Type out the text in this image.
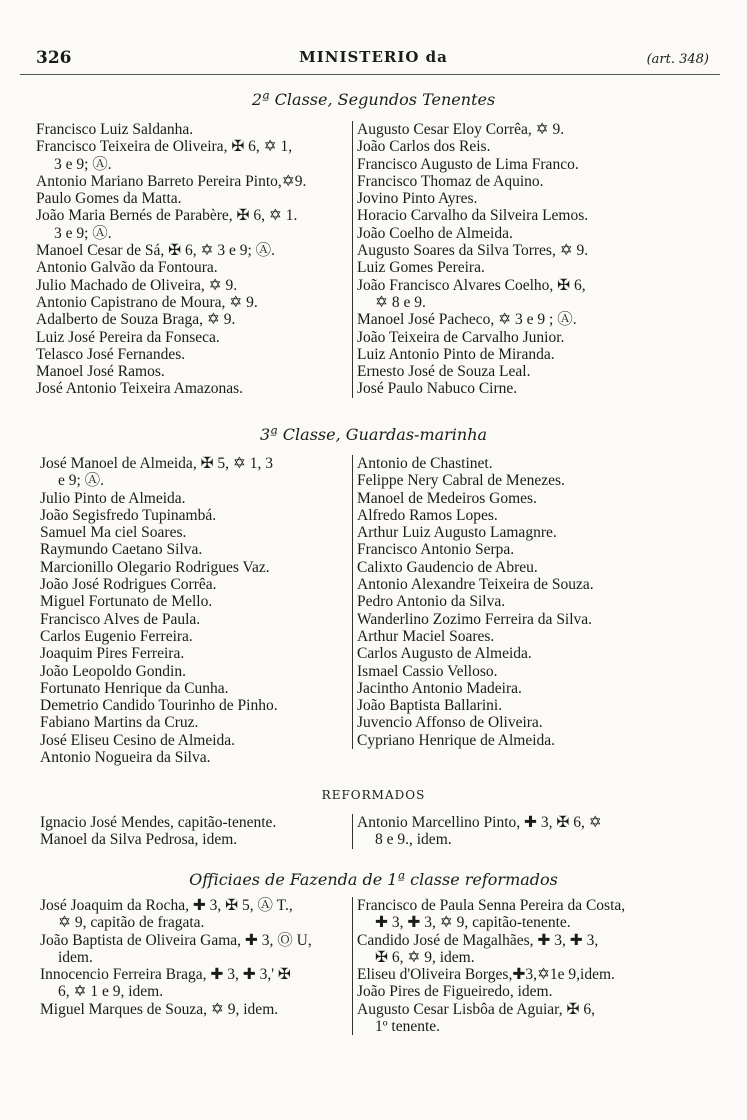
326	MINISTERIO da	(art. 348)
2ª Classe, Segundos Tenentes
Francisco Luiz Saldanha.
Francisco Teixeira de Oliveira, ✠ 6, ✡ 1,
3 e 9; Ⓐ.
Antonio Mariano Barreto Pereira Pinto,✡9.
Paulo Gomes da Matta.
João Maria Bernés de Parabère, ✠ 6, ✡ 1.
3 e 9; Ⓐ.
Manoel Cesar de Sá, ✠ 6, ✡ 3 e 9; Ⓐ.
Antonio Galvão da Fontoura.
Julio Machado de Oliveira, ✡ 9.
Antonio Capistrano de Moura, ✡ 9.
Adalberto de Souza Braga, ✡ 9.
Luiz José Pereira da Fonseca.
Telasco José Fernandes.
Manoel José Ramos.
José Antonio Teixeira Amazonas.
Augusto Cesar Eloy Corrêa, ✡ 9.
João Carlos dos Reis.
Francisco Augusto de Lima Franco.
Francisco Thomaz de Aquino.
Jovino Pinto Ayres.
Horacio Carvalho da Silveira Lemos.
João Coelho de Almeida.
Augusto Soares da Silva Torres, ✡ 9.
Luiz Gomes Pereira.
João Francisco Alvares Coelho, ✠ 6,
✡ 8 e 9.
Manoel José Pacheco, ✡ 3 e 9 ; Ⓐ.
João Teixeira de Carvalho Junior.
Luiz Antonio Pinto de Miranda.
Ernesto José de Souza Leal.
José Paulo Nabuco Cirne.
3ª Classe, Guardas-marinha
José Manoel de Almeida, ✠ 5, ✡ 1, 3
e 9; Ⓐ.
Julio Pinto de Almeida.
João Segisfredo Tupinambá.
Samuel Ma ciel Soares.
Raymundo Caetano Silva.
Marcionillo Olegario Rodrigues Vaz.
João José Rodrigues Corrêa.
Miguel Fortunato de Mello.
Francisco Alves de Paula.
Carlos Eugenio Ferreira.
Joaquim Pires Ferreira.
João Leopoldo Gondin.
Fortunato Henrique da Cunha.
Demetrio Candido Tourinho de Pinho.
Fabiano Martins da Cruz.
José Eliseu Cesino de Almeida.
Antonio Nogueira da Silva.
Antonio de Chastinet.
Felippe Nery Cabral de Menezes.
Manoel de Medeiros Gomes.
Alfredo Ramos Lopes.
Arthur Luiz Augusto Lamagnre.
Francisco Antonio Serpa.
Calixto Gaudencio de Abreu.
Antonio Alexandre Teixeira de Souza.
Pedro Antonio da Silva.
Wanderlino Zozimo Ferreira da Silva.
Arthur Maciel Soares.
Carlos Augusto de Almeida.
Ismael Cassio Velloso.
Jacintho Antonio Madeira.
João Baptista Ballarini.
Juvencio Affonso de Oliveira.
Cypriano Henrique de Almeida.
REFORMADOS
Ignacio José Mendes, capitão-tenente.
Manoel da Silva Pedrosa, idem.
Antonio Marcellino Pinto, ✚ 3, ✠ 6, ✡
8 e 9., idem.
Officiaes de Fazenda de 1ª classe reformados
José Joaquim da Rocha, ✚ 3, ✠ 5, Ⓐ T.,
✡ 9, capitão de fragata.
João Baptista de Oliveira Gama, ✚ 3, Ⓞ U,
idem.
Innocencio Ferreira Braga, ✚ 3, ✚ 3,' ✠
6, ✡ 1 e 9, idem.
Miguel Marques de Souza, ✡ 9, idem.
Francisco de Paula Senna Pereira da Costa,
✚ 3, ✚ 3, ✡ 9, capitão-tenente.
Candido José de Magalhães, ✚ 3, ✚ 3,
✠ 6, ✡ 9, idem.
Eliseu d'Oliveira Borges,✚3,✡1e 9,idem.
João Pires de Figueiredo, idem.
Augusto Cesar Lisbôa de Aguiar, ✠ 6,
1º tenente.
